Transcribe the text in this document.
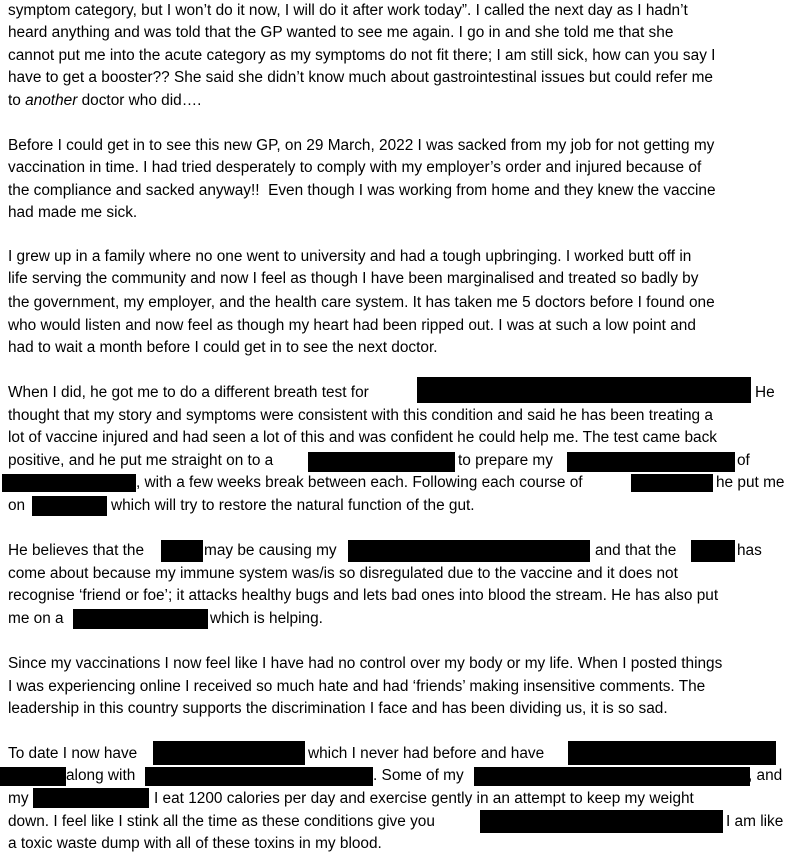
symptom category, but I won’t do it now, I will do it after work today”. I called the next day as I hadn’t
heard anything and was told that the GP wanted to see me again. I go in and she told me that she
cannot put me into the acute category as my symptoms do not fit there; I am still sick, how can you say I
have to get a booster?? She said she didn’t know much about gastrointestinal issues but could refer me
to another doctor who did….
Before I could get in to see this new GP, on 29 March, 2022 I was sacked from my job for not getting my
vaccination in time. I had tried desperately to comply with my employer’s order and injured because of
the compliance and sacked anyway!!  Even though I was working from home and they knew the vaccine
had made me sick.
I grew up in a family where no one went to university and had a tough upbringing. I worked butt off in
life serving the community and now I feel as though I have been marginalised and treated so badly by
the government, my employer, and the health care system. It has taken me 5 doctors before I found one
who would listen and now feel as though my heart had been ripped out. I was at such a low point and
had to wait a month before I could get in to see the next doctor.
When I did, he got me to do a different breath test for	He
thought that my story and symptoms were consistent with this condition and said he has been treating a
lot of vaccine injured and had seen a lot of this and was confident he could help me. The test came back
positive, and he put me straight on to a	to prepare my	of
, with a few weeks break between each. Following each course of	he put me
on	which will try to restore the natural function of the gut.
He believes that the	may be causing my	and that the	has
come about because my immune system was/is so disregulated due to the vaccine and it does not
recognise ‘friend or foe’; it attacks healthy bugs and lets bad ones into blood the stream. He has also put
me on a	which is helping.
Since my vaccinations I now feel like I have had no control over my body or my life. When I posted things
I was experiencing online I received so much hate and had ‘friends’ making insensitive comments. The
leadership in this country supports the discrimination I face and has been dividing us, it is so sad.
To date I now have	which I never had before and have
along with	. Some of my	, and
my	I eat 1200 calories per day and exercise gently in an attempt to keep my weight
down. I feel like I stink all the time as these conditions give you	I am like
a toxic waste dump with all of these toxins in my blood.
